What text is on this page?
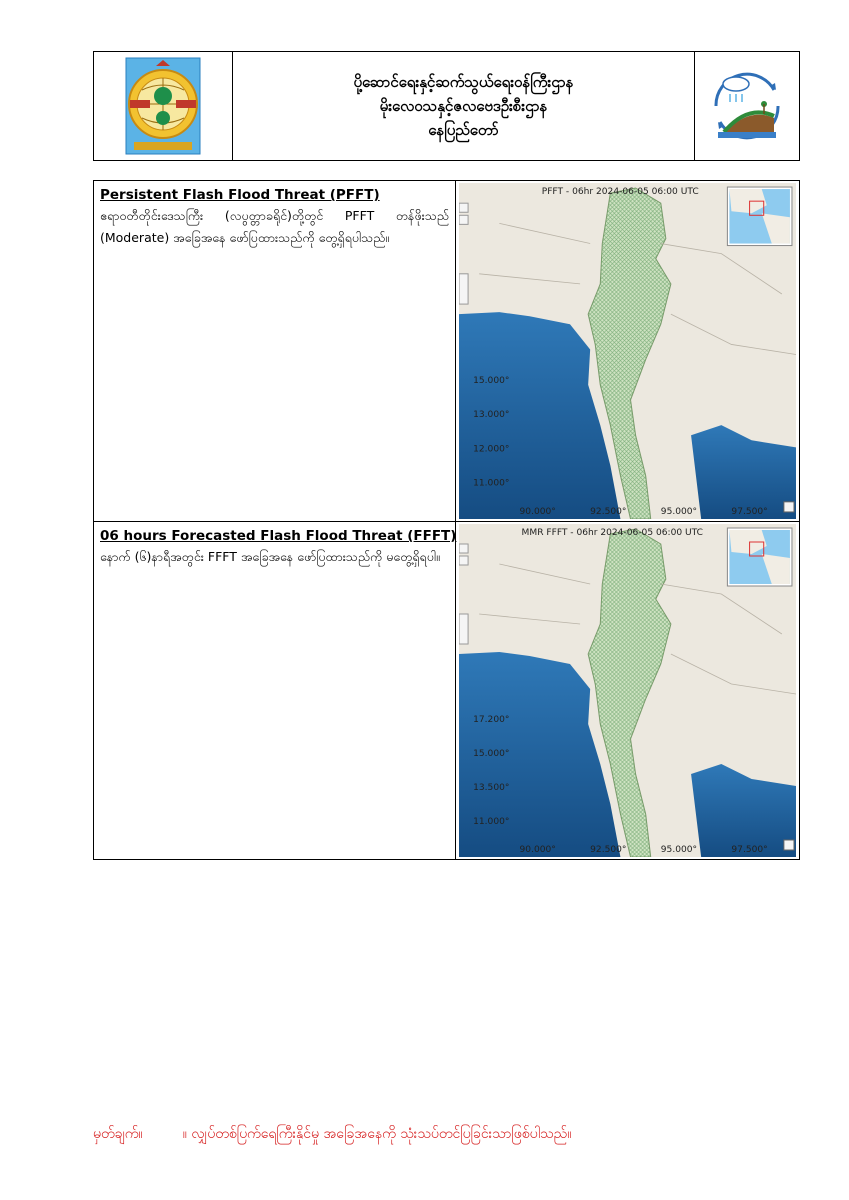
ပို့ဆောင်ရေးနှင့်ဆက်သွယ်ရေးဝန်ကြီးဌာန
မိုးလေဝသနှင့်ဇလဗေဒဦးစီးဌာန
နေပြည်တော်

Persistent Flash Flood Threat (PFFT)

ဧရာဝတီတိုင်းဒေသကြီး (လပွတ္တာခရိုင်)တို့တွင် PFFT တန်ဖိုးသည် (Moderate) အခြေအနေ ဖော်ပြထားသည်ကို တွေ့ရှိရပါသည်။

PFFT - 06hr 2024-06-05 06:00 UTC
15.000°
13.000°
12.000°
11.000°
90.000°	92.500°	95.000°	97.500°

06 hours Forecasted Flash Flood Threat (FFFT)

နောက် (၆)နာရီအတွင်း FFFT အခြေအနေ ဖော်ပြထားသည်ကို မတွေ့ရှိရပါ။

MMR FFFT - 06hr 2024-06-05 06:00 UTC
17.200°
15.000°
13.500°
11.000°
90.000°	92.500°	95.000°	97.500°
မှတ်ချက်။	။ လျှပ်တစ်ပြက်ရေကြီးနိုင်မှု အခြေအနေကို သုံးသပ်တင်ပြခြင်းသာဖြစ်ပါသည်။
